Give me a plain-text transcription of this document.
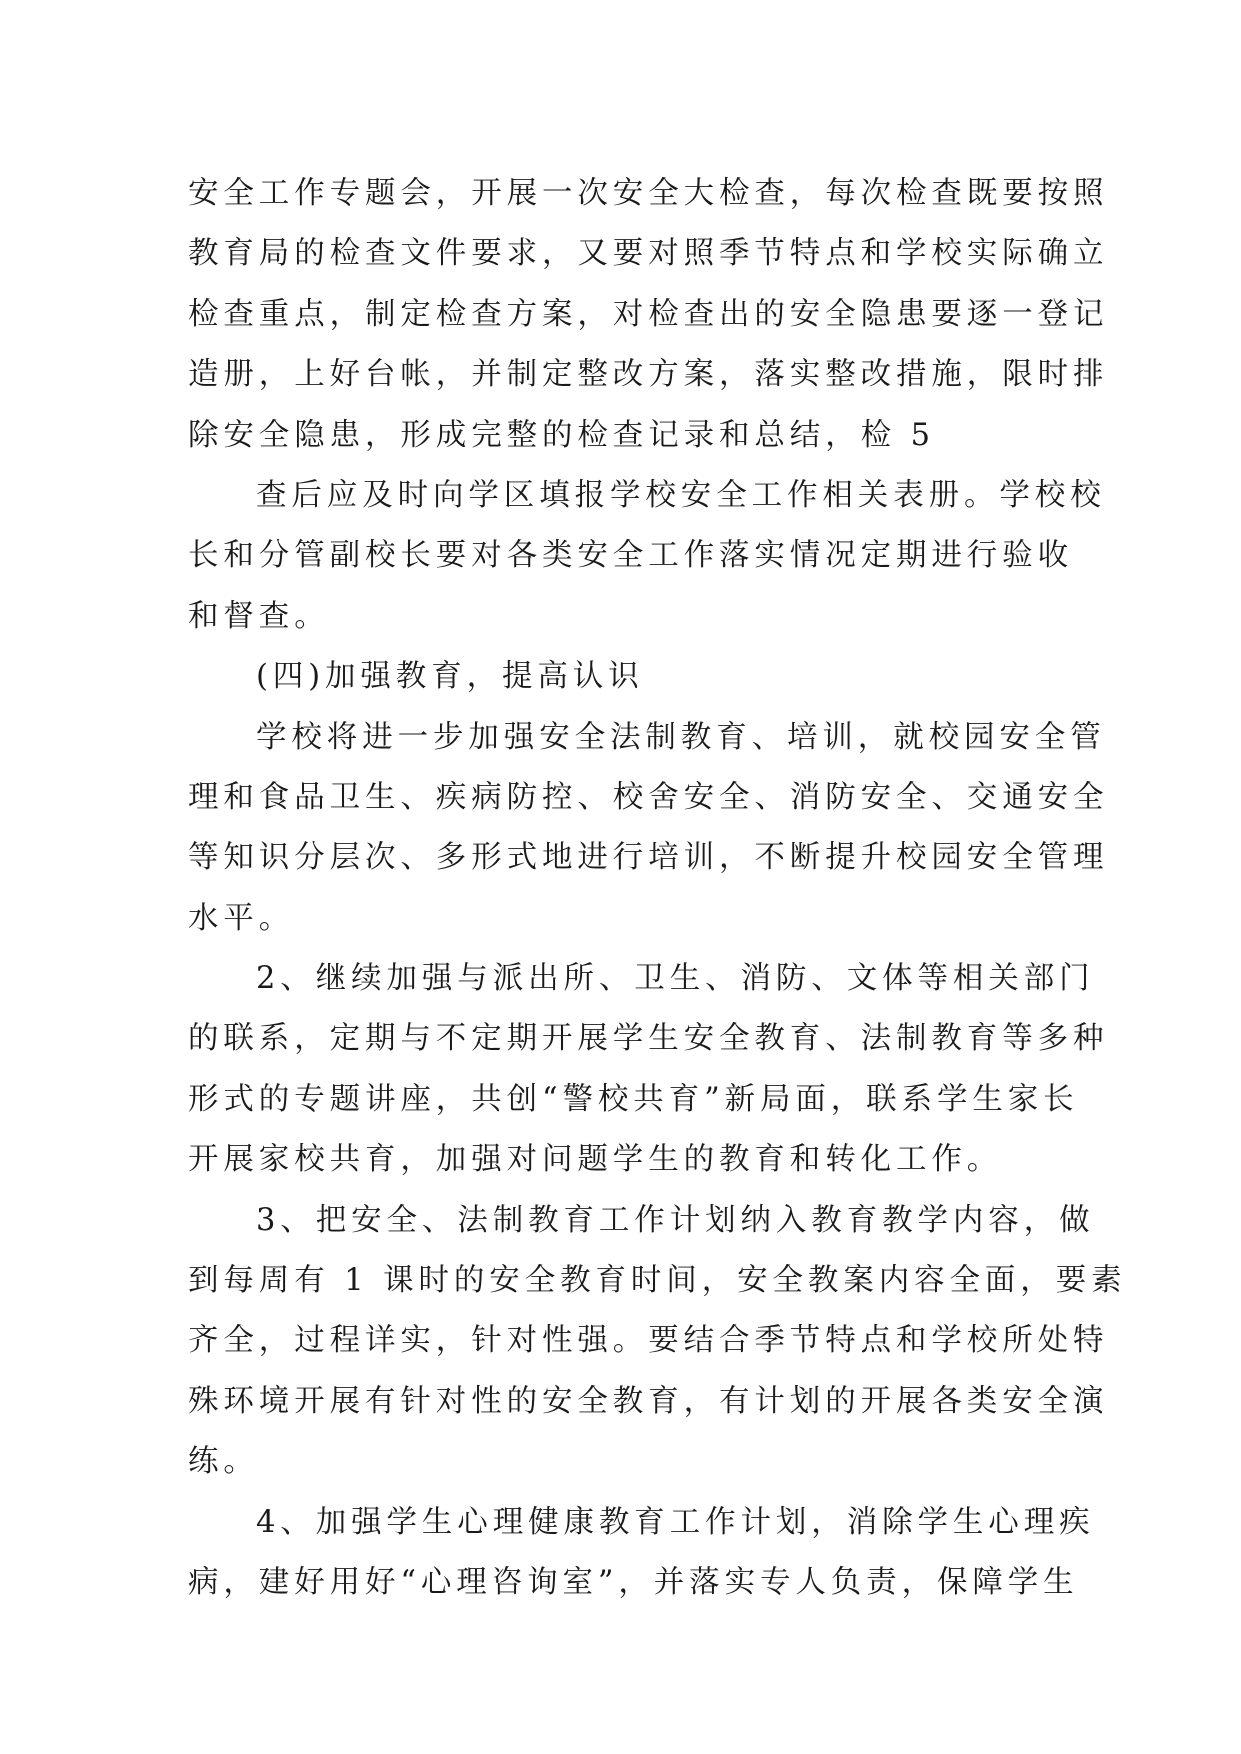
安全工作专题会，开展一次安全大检查，每次检查既要按照
教育局的检查文件要求，又要对照季节特点和学校实际确立
检查重点，制定检查方案，对检查出的安全隐患要逐一登记
造册，上好台帐，并制定整改方案，落实整改措施，限时排
除安全隐患，形成完整的检查记录和总结，检 5
查后应及时向学区填报学校安全工作相关表册。学校校
长和分管副校长要对各类安全工作落实情况定期进行验收
和督查。
(四)加强教育，提高认识
学校将进一步加强安全法制教育、培训，就校园安全管
理和食品卫生、疾病防控、校舍安全、消防安全、交通安全
等知识分层次、多形式地进行培训，不断提升校园安全管理
水平。
2、继续加强与派出所、卫生、消防、文体等相关部门
的联系，定期与不定期开展学生安全教育、法制教育等多种
形式的专题讲座，共创“警校共育”新局面，联系学生家长
开展家校共育，加强对问题学生的教育和转化工作。
3、把安全、法制教育工作计划纳入教育教学内容，做
到每周有 1 课时的安全教育时间，安全教案内容全面，要素
齐全，过程详实，针对性强。要结合季节特点和学校所处特
殊环境开展有针对性的安全教育，有计划的开展各类安全演
练。
4、加强学生心理健康教育工作计划，消除学生心理疾
病，建好用好“心理咨询室”，并落实专人负责，保障学生
